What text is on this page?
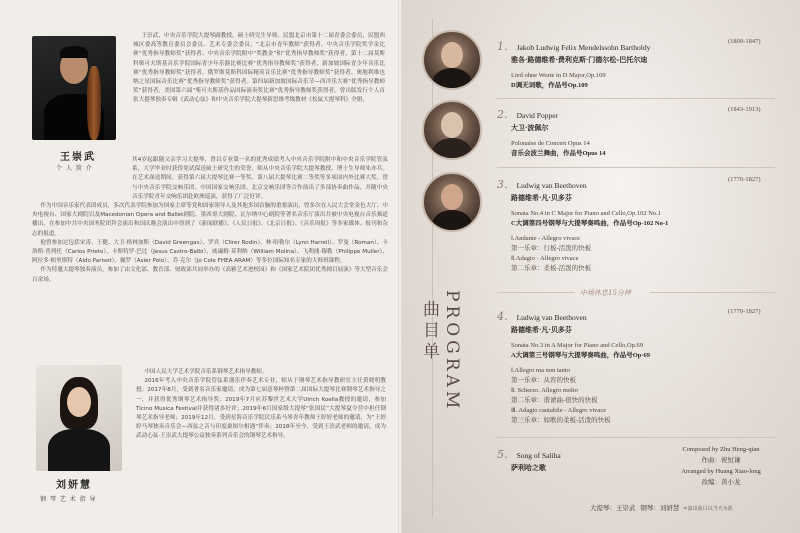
王崇武
个 人 简 介

王崇武，中央音乐学院大提琴副教授，硕士研究生导师。民盟北京市第十二届青委会委员，民盟西城区委高等教育委员会委员、艺术专委会委员。“北京市青年教师”获得者、中央音乐学院奖学金比赛“优秀指导教师奖”获得者、中央音乐学院附中“奖教金”和“优秀指导教师奖”获得者，第十二届莫斯科柴可夫斯基音乐学院国际青少年乐器比赛比赛“优秀指导教师奖”获得者，新加坡国际青少年音乐比赛“优秀指导教师奖”获得者、俄罗斯莫斯科国际精英音乐比赛“优秀指导教师奖”获得者、奥地利维也纳之星国际音乐比赛“优秀指导教师奖”获得者。第四届新加坡国际音乐节—西洋乐大赛“优秀指导教师奖”获得者，美国第六届“柴可夫斯基作品国际演奏奖比赛”优秀指导教师奖获得者。曾出版发行个人首张大提琴独奏专辑《武动心弦》和中央音乐学院大提琴新思维考级教材《松鼠大提琴科》全册。

其4岁起跟随父亲学习大提琴，曾以专业第一名的优秀成绩考入中央音乐学院附中和中央音乐学院管弦系，大学毕业时获得免试保送硕士研究生的荣誉，师从中央音乐学院大提琴教授、博士生导师朱亦兵。在艺术深造期间，获得第六届大提琴比赛一等奖、第八届大提琴比赛二等奖等多项国内外比赛大奖。曾与中央音乐学院交响乐团、中国国家交响乐团、北京交响乐团等合作演出了多部协奏曲作品，并随中央音乐学院青年交响乐团赴欧洲巡演，获得了广泛好评。

作为中国音乐家代表团成员，多次代表学院参加为国家主席等党和国家领导人及其他多国首脑的重要演出，曾多次在人民大会堂金色大厅、中央电视台、国家大剧院以及Macedonian Opera and Ballet剧院、墨西哥大剧院、瓦尔纳中心剧院等著名音乐厅演出并被中央电视台音乐频道播出，在参加中共中央国务院团拜会演出和国庆晚会演出中得到了《新闻联播》、《人民日报》、《北京日报》、《音乐周报》等多家媒体、报刊和杂志的报道。

他曾参加过包括宋涛、王健、大卫·格林加斯（David Greengas）、罗宾（Clirer Rodin）、林·哈勒尔（Lynn Harrell）、罗曼（Roman）、卡洛斯·普列托（Carlos Prieto）、卡斯特罗·巴比（Jesus Castro-Balbi）、威廉姆·莫利纳（William Molina）、飞利浦·穆勒（Philippe Muller）、阿拉多·帕里斯特（Aldo Parisot）、佩罗（Asier Polo）、乔·克尔（Jo Cole FHEA ARAM）等多位国际知名专家的大师班课程。

作为特邀大提琴独奏演员，参加了由文化部、教育部、财政部共同举办的《高雅艺术进校园》和《国家艺术院团优秀剧目展演》等大型音乐会百余场。

刘妍慧
钢 琴 艺 术 指 导

中国人民大学艺术学院音乐系钢琴艺术指导教师。

2016年考入中央音乐学院管弦系器乐伴奏艺术专业，师从于钢琴艺术指导教研室主任黄晓明教授；2017年8月，受到著名音乐家邀请，成为第七届意琴杯暨第二届国际大提琴比赛钢琴艺术指导之一，并获得优秀钢琴艺术指导奖；2019年7月应苏黎世艺术大学Ulrich Koella教授的邀请，参加Ticino Musica Festival并获得诸多好评；2019年6月国家级大提琴“张国民”大提琴夏令营中担任钢琴艺术指导老师；2019年12月，受到星海音乐学院民乐系马琴青年教师王婷婷老师的邀请，为“王婷婷马琴独奏音乐会—西弦之音与印度桑图尔相遇”伴奏；2018年至今，受到王崇武老师的邀请，成为武动心弦·王崇武大提琴公益独奏系列音乐会的钢琴艺术指导。

PROGRAM
曲目单
1. Jakob Ludwig Felix Mendelssohn Bartholdy
雅各·路德维希·费利克斯·门德尔松-巴托尔迪
Lied ohne Worte in D Major,Op.109
D调无词歌，作品号Op.109
(1809-1847)
2. David Popper
大卫·波佩尔
Polonaise de Concert Opus 14
音乐会波兰舞曲，作品号Opus 14
(1843-1913)
3. Ludwig van Beethoven
路德维希·凡·贝多芬
Sonata No.4 in C Major for Piano and Cello,Op.102 No.1
C大调第四号钢琴与大提琴奏鸣曲，作品号Op-102 No-1
Ⅰ.Andante - Allegro vivace
第一乐章：行板-活泼的快板
Ⅱ.Adagio · Allegro vivace
第二乐章：柔板-活泼的快板
(1770-1827)
中场休息15分钟
4. Ludwig van Beethoven
路德维希·凡·贝多芬
Sonata No.3 in A Major for Piano and Cello,Op.69
A大调第三号钢琴与大提琴奏鸣曲，作品号Op·69
Ⅰ.Allegro ma non tanto
第一乐章：从容的快板
Ⅱ. Scherzo. Allegro molto
第二乐章：谐谑曲-很快的快板
Ⅲ. Adagio cantabile - Allegro vivace
第三乐章：如歌的柔板-活泼的快板
(1770-1827)
5. Song of Saliha
萨利哈之歌
Composed by Zhu Heng-qian
作曲：祝恒谦
Arranged by Huang Xiao-long
改编：黄小龙
大提琴：王崇武 钢琴：刘妍慧 ＊演出曲目以当天为准
